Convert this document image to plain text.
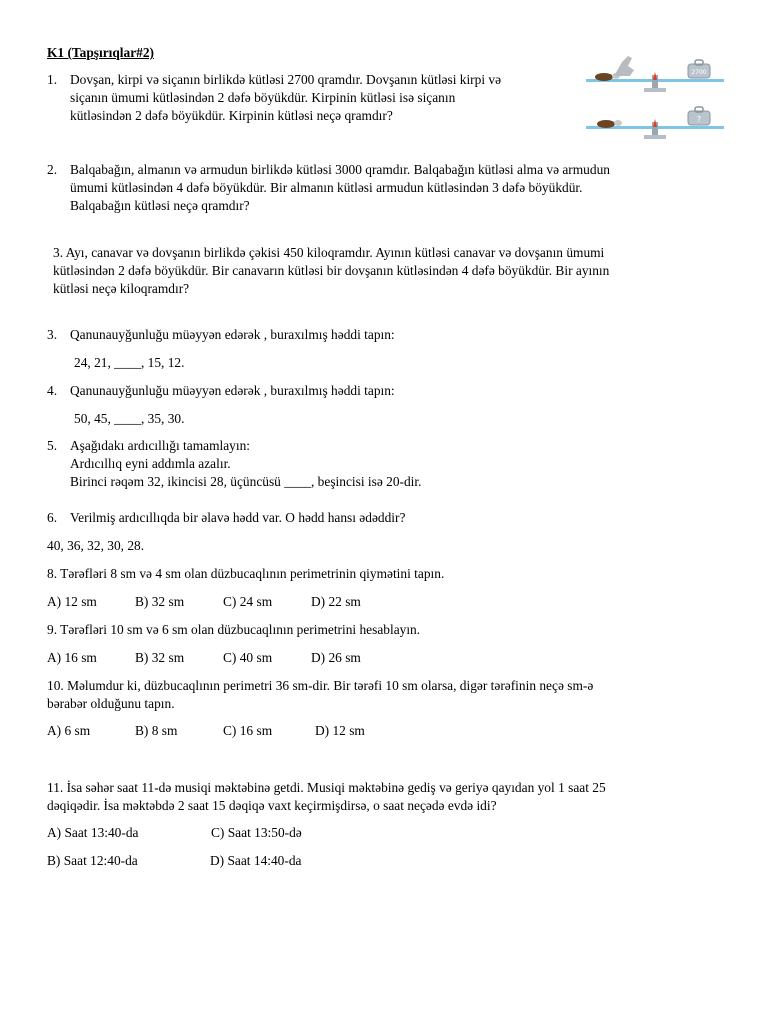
K1 (Tapşırıqlar#2)
1. Dovşan, kirpi və siçanın birlikdə kütləsi 2700 qramdır. Dovşanın kütləsi kirpi və
siçanın ümumi kütləsindən 2 dəfə böyükdür. Kirpinin kütləsi isə siçanın
kütləsindən 2 dəfə böyükdür. Kirpinin kütləsi neçə qramdır?
2700
?
2. Balqabağın, almanın və armudun birlikdə kütləsi 3000 qramdır. Balqabağın kütləsi alma və armudun
ümumi kütləsindən 4 dəfə böyükdür. Bir almanın kütləsi armudun kütləsindən 3 dəfə böyükdür.
Balqabağın kütləsi neçə qramdır?
3. Ayı, canavar və dovşanın birlikdə çəkisi 450 kiloqramdır. Ayının kütləsi canavar və dovşanın ümumi
kütləsindən 2 dəfə böyükdür. Bir canavarın kütləsi bir dovşanın kütləsindən 4 dəfə böyükdür. Bir ayının
kütləsi neçə kiloqramdır?
3. Qanunauyğunluğu müəyyən edərək , buraxılmış həddi tapın:
24, 21, ____, 15, 12.
4. Qanunauyğunluğu müəyyən edərək , buraxılmış həddi tapın:
50, 45, ____, 35, 30.
5. Aşağıdakı ardıcıllığı tamamlayın:
Ardıcıllıq eyni addımla azalır.
Birinci rəqəm 32, ikincisi 28, üçüncüsü ____, beşincisi isə 20-dir.
6. Verilmiş ardıcıllıqda bir əlavə hədd var. O hədd hansı ədəddir?
40, 36, 32, 30, 28.
8. Tərəfləri 8 sm və 4 sm olan düzbucaqlının perimetrinin qiymətini tapın.
A) 12 sm	B) 32 sm	C) 24 sm	D) 22 sm
9. Tərəfləri 10 sm və 6 sm olan düzbucaqlının perimetrini hesablayın.
A) 16 sm	B) 32 sm	C) 40 sm	D) 26 sm
10. Məlumdur ki, düzbucaqlının perimetri 36 sm-dir. Bir tərəfi 10 sm olarsa, digər tərəfinin neçə sm-ə
bərabər olduğunu tapın.
A) 6 sm	B) 8 sm	C) 16 sm	D) 12 sm
11. İsa səhər saat 11-də musiqi məktəbinə getdi. Musiqi məktəbinə gediş və geriyə qayıdan yol 1 saat 25
dəqiqədir. İsa məktəbdə 2 saat 15 dəqiqə vaxt keçirmişdirsə, o saat neçədə evdə idi?
A) Saat 13:40-da	C) Saat 13:50-də
B) Saat 12:40-da	D) Saat 14:40-da
